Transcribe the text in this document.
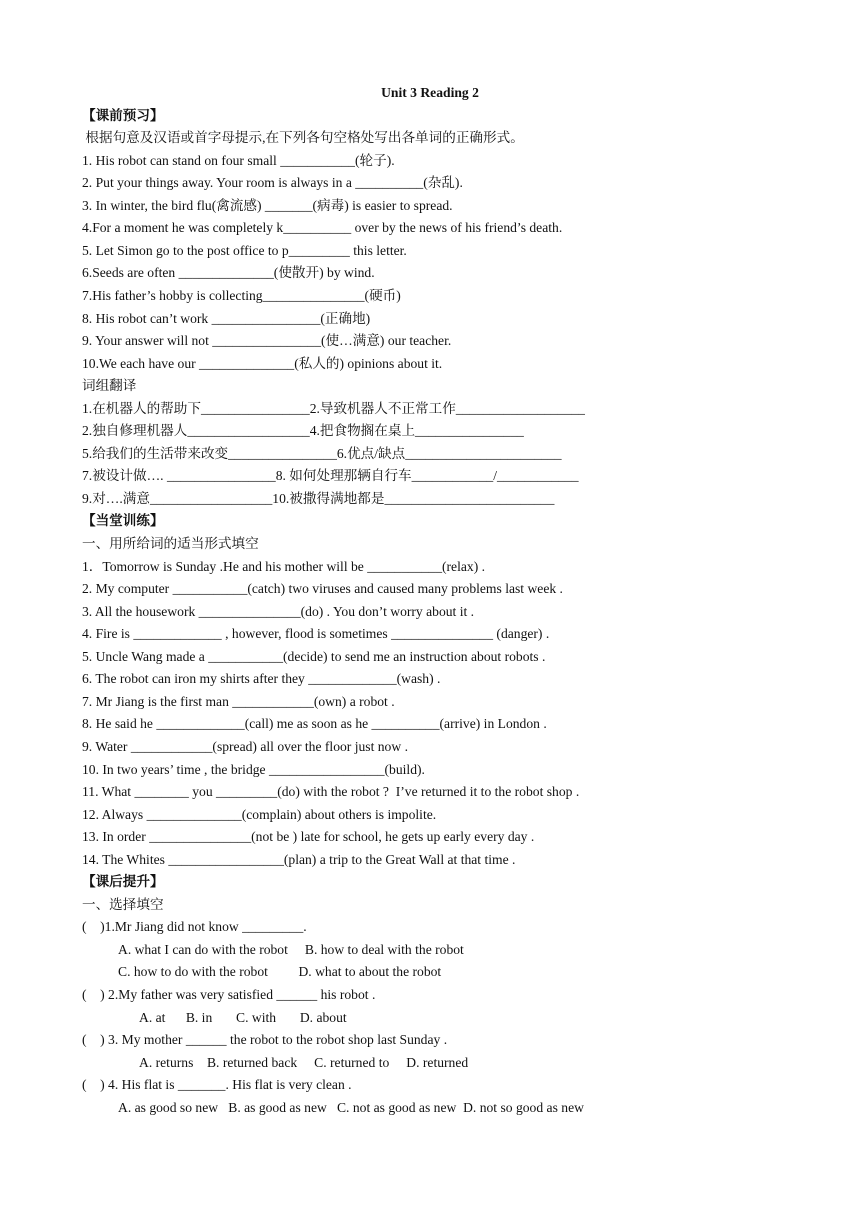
Unit 3 Reading 2
【课前预习】
根据句意及汉语或首字母提示,在下列各句空格处写出各单词的正确形式。
1. His robot can stand on four small ___________(轮子).
2. Put your things away. Your room is always in a __________(杂乱).
3. In winter, the bird flu(禽流感) _______(病毒) is easier to spread.
4.For a moment he was completely k__________ over by the news of his friend’s death.
5. Let Simon go to the post office to p_________ this letter.
6.Seeds are often ______________(使散开) by wind.
7.His father’s hobby is collecting_______________(硬币)
8. His robot can’t work ________________(正确地)
9. Your answer will not ________________(使…满意) our teacher.
10.We each have our ______________(私人的) opinions about it.
词组翻译
1.在机器人的帮助下________________2.导致机器人不正常工作___________________
2.独自修理机器人__________________4.把食物搁在桌上________________
5.给我们的生活带来改变________________6.优点/缺点_______________________
7.被设计做…. ________________8. 如何处理那辆自行车____________/____________
9.对….满意__________________10.被撒得满地都是_________________________
【当堂训练】
一、用所给词的适当形式填空
1．Tomorrow is Sunday .He and his mother will be ___________(relax) .
2. My computer ___________(catch) two viruses and caused many problems last week .
3. All the housework _______________(do) . You don’t worry about it .
4. Fire is _____________ , however, flood is sometimes _______________ (danger) .
5. Uncle Wang made a ___________(decide) to send me an instruction about robots .
6. The robot can iron my shirts after they _____________(wash) .
7. Mr Jiang is the first man ____________(own) a robot .
8. He said he _____________(call) me as soon as he __________(arrive) in London .
9. Water ____________(spread) all over the floor just now .
10. In two years’ time , the bridge _________________(build).
11. What ________ you _________(do) with the robot ?  I’ve returned it to the robot shop .
12. Always ______________(complain) about others is impolite.
13. In order _______________(not be ) late for school, he gets up early every day .
14. The Whites _________________(plan) a trip to the Great Wall at that time .
【课后提升】
一、选择填空
(    )1.Mr Jiang did not know _________.
A. what I can do with the robot     B. how to deal with the robot
C. how to do with the robot         D. what to about the robot
(    ) 2.My father was very satisfied ______ his robot .
A. at      B. in       C. with       D. about
(    ) 3. My mother ______ the robot to the robot shop last Sunday .
A. returns    B. returned back     C. returned to     D. returned
(    ) 4. His flat is _______. His flat is very clean .
A. as good so new   B. as good as new   C. not as good as new  D. not so good as new
